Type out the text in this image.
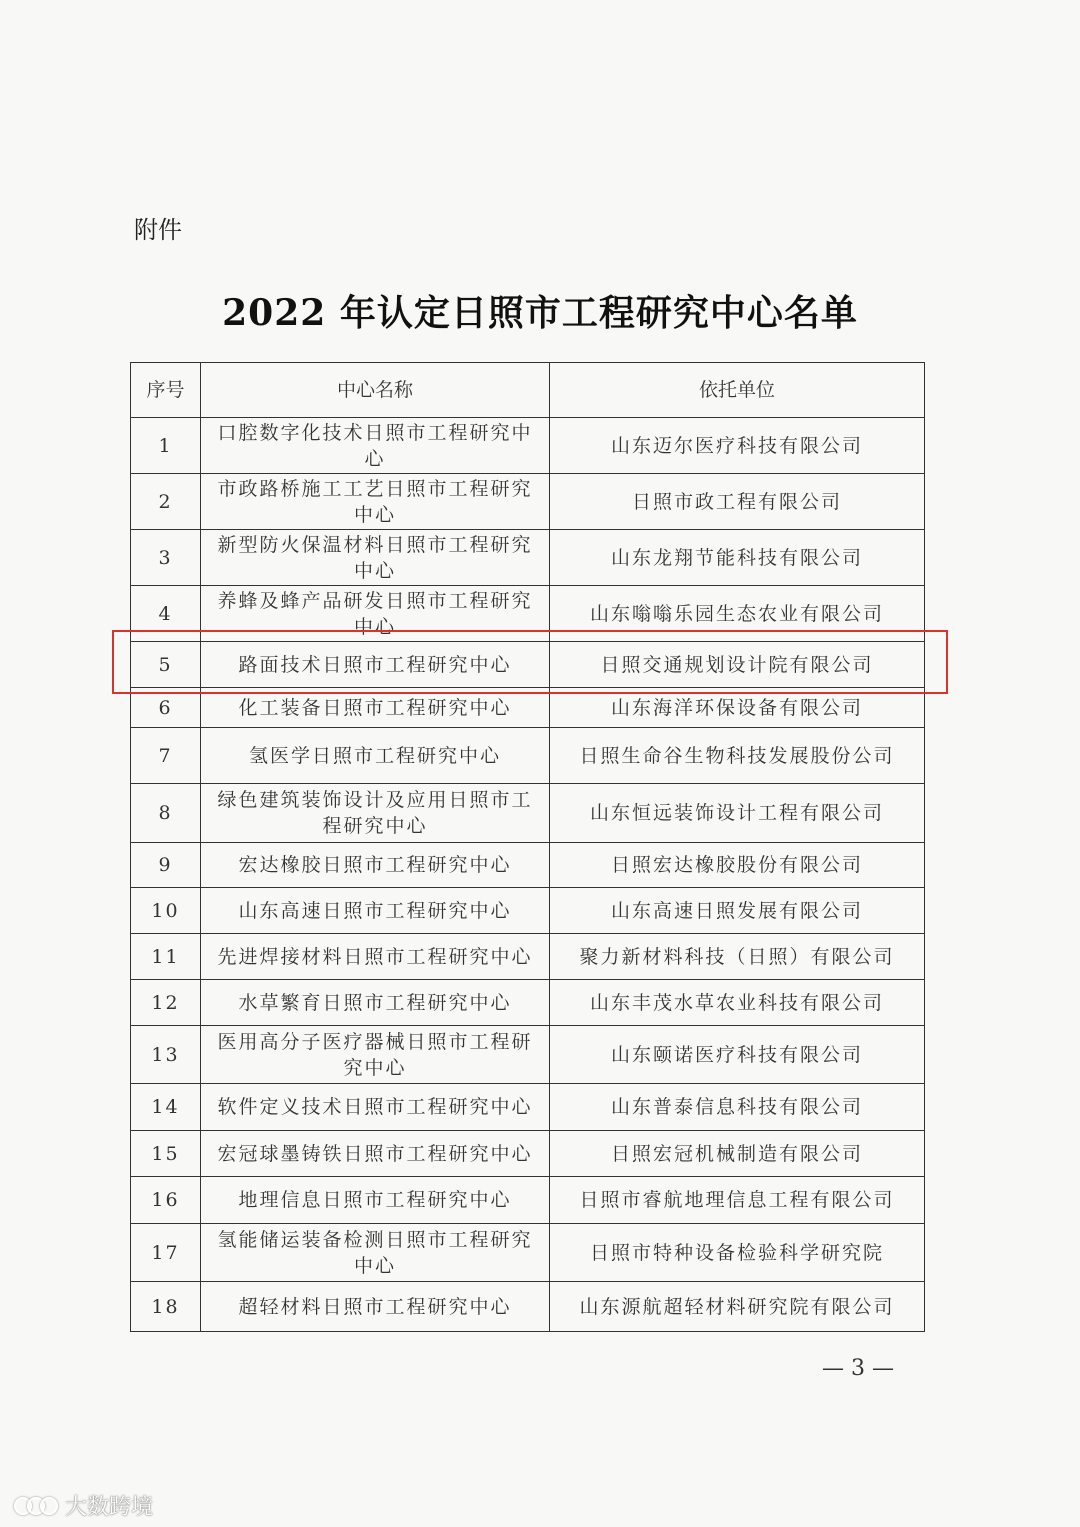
附件
2022 年认定日照市工程研究中心名单
序号	中心名称	依托单位
1	口腔数字化技术日照市工程研究中心	山东迈尔医疗科技有限公司
2	市政路桥施工工艺日照市工程研究中心	日照市政工程有限公司
3	新型防火保温材料日照市工程研究中心	山东龙翔节能科技有限公司
4	养蜂及蜂产品研发日照市工程研究中心	山东嗡嗡乐园生态农业有限公司
5	路面技术日照市工程研究中心	日照交通规划设计院有限公司
6	化工装备日照市工程研究中心	山东海洋环保设备有限公司
7	氢医学日照市工程研究中心	日照生命谷生物科技发展股份公司
8	绿色建筑装饰设计及应用日照市工程研究中心	山东恒远装饰设计工程有限公司
9	宏达橡胶日照市工程研究中心	日照宏达橡胶股份有限公司
10	山东高速日照市工程研究中心	山东高速日照发展有限公司
11	先进焊接材料日照市工程研究中心	聚力新材料科技（日照）有限公司
12	水草繁育日照市工程研究中心	山东丰茂水草农业科技有限公司
13	医用高分子医疗器械日照市工程研究中心	山东颐诺医疗科技有限公司
14	软件定义技术日照市工程研究中心	山东普泰信息科技有限公司
15	宏冠球墨铸铁日照市工程研究中心	日照宏冠机械制造有限公司
16	地理信息日照市工程研究中心	日照市睿航地理信息工程有限公司
17	氢能储运装备检测日照市工程研究中心	日照市特种设备检验科学研究院
18	超轻材料日照市工程研究中心	山东源航超轻材料研究院有限公司
— 3 —
大数跨境
